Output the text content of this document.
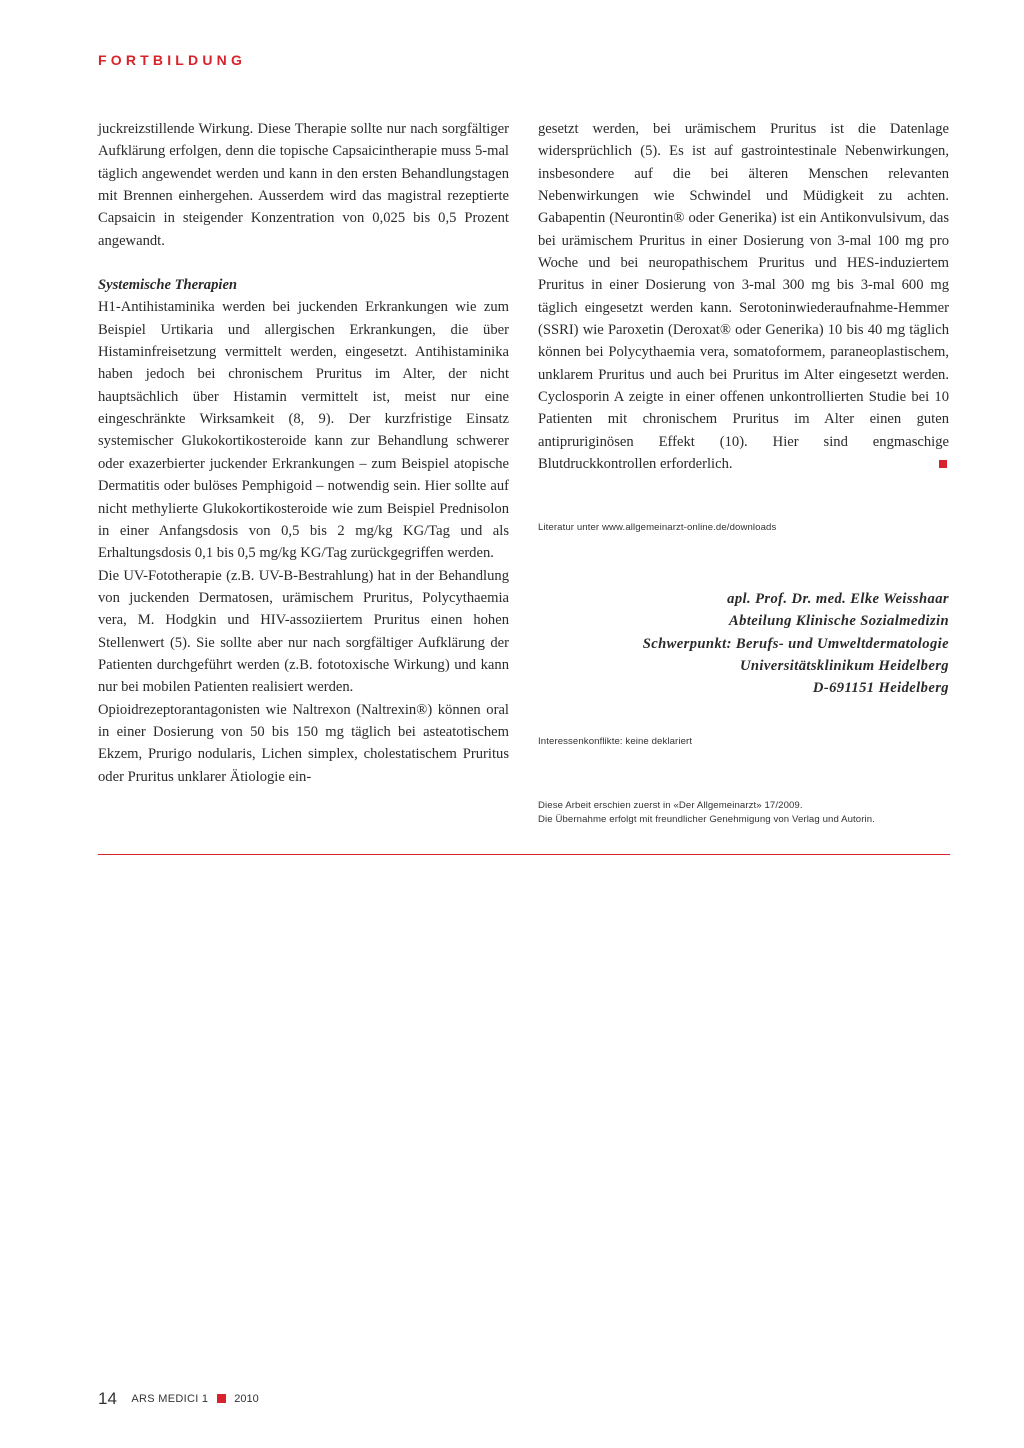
FORTBILDUNG

juckreizstillende Wirkung. Diese Therapie sollte nur nach sorgfältiger Aufklärung erfolgen, denn die topische Capsaicintherapie muss 5-mal täglich angewendet werden und kann in den ersten Behandlungstagen mit Brennen einhergehen. Ausserdem wird das magistral rezeptierte Capsaicin in steigender Konzentration von 0,025 bis 0,5 Prozent angewandt.

Systemische Therapien

H1-Antihistaminika werden bei juckenden Erkrankungen wie zum Beispiel Urtikaria und allergischen Erkrankungen, die über Histaminfreisetzung vermittelt werden, eingesetzt. Antihistaminika haben jedoch bei chronischem Pruritus im Alter, der nicht hauptsächlich über Histamin vermittelt ist, meist nur eine eingeschränkte Wirksamkeit (8, 9). Der kurzfristige Einsatz systemischer Glukokortikosteroide kann zur Behandlung schwerer oder exazerbierter juckender Erkrankungen – zum Beispiel atopische Dermatitis oder bulöses Pemphigoid – notwendig sein. Hier sollte auf nicht methylierte Glukokortikosteroide wie zum Beispiel Prednisolon in einer Anfangsdosis von 0,5 bis 2 mg/kg KG/Tag und als Erhaltungsdosis 0,1 bis 0,5 mg/kg KG/Tag zurückgegriffen werden.

Die UV-Fototherapie (z.B. UV-B-Bestrahlung) hat in der Behandlung von juckenden Dermatosen, urämischem Pruritus, Polycythaemia vera, M. Hodgkin und HIV-assoziiertem Pruritus einen hohen Stellenwert (5). Sie sollte aber nur nach sorgfältiger Aufklärung der Patienten durchgeführt werden (z.B. fototoxische Wirkung) und kann nur bei mobilen Patienten realisiert werden.

Opioidrezeptorantagonisten wie Naltrexon (Naltrexin®) können oral in einer Dosierung von 50 bis 150 mg täglich bei asteatotischem Ekzem, Prurigo nodularis, Lichen simplex, cholestatischem Pruritus oder Pruritus unklarer Ätiologie ein-

gesetzt werden, bei urämischem Pruritus ist die Datenlage widersprüchlich (5). Es ist auf gastrointestinale Nebenwirkungen, insbesondere auf die bei älteren Menschen relevanten Nebenwirkungen wie Schwindel und Müdigkeit zu achten. Gabapentin (Neurontin® oder Generika) ist ein Antikonvulsivum, das bei urämischem Pruritus in einer Dosierung von 3-mal 100 mg pro Woche und bei neuropathischem Pruritus und HES-induziertem Pruritus in einer Dosierung von 3-mal 300 mg bis 3-mal 600 mg täglich eingesetzt werden kann. Serotoninwiederaufnahme-Hemmer (SSRI) wie Paroxetin (Deroxat® oder Generika) 10 bis 40 mg täglich können bei Polycythaemia vera, somatoformem, paraneoplastischem, unklarem Pruritus und auch bei Pruritus im Alter eingesetzt werden. Cyclosporin A zeigte in einer offenen unkontrollierten Studie bei 10 Patienten mit chronischem Pruritus im Alter einen guten antipruriginösen Effekt (10). Hier sind engmaschige Blutdruckkontrollen erforderlich.

Literatur unter www.allgemeinarzt-online.de/downloads
apl. Prof. Dr. med. Elke Weisshaar
Abteilung Klinische Sozialmedizin
Schwerpunkt: Berufs- und Umweltdermatologie
Universitätsklinikum Heidelberg
D-691151 Heidelberg
Interessenkonflikte: keine deklariert
Diese Arbeit erschien zuerst in «Der Allgemeinarzt» 17/2009.
Die Übernahme erfolgt mit freundlicher Genehmigung von Verlag und Autorin.
14 ARS MEDICI 1 2010
